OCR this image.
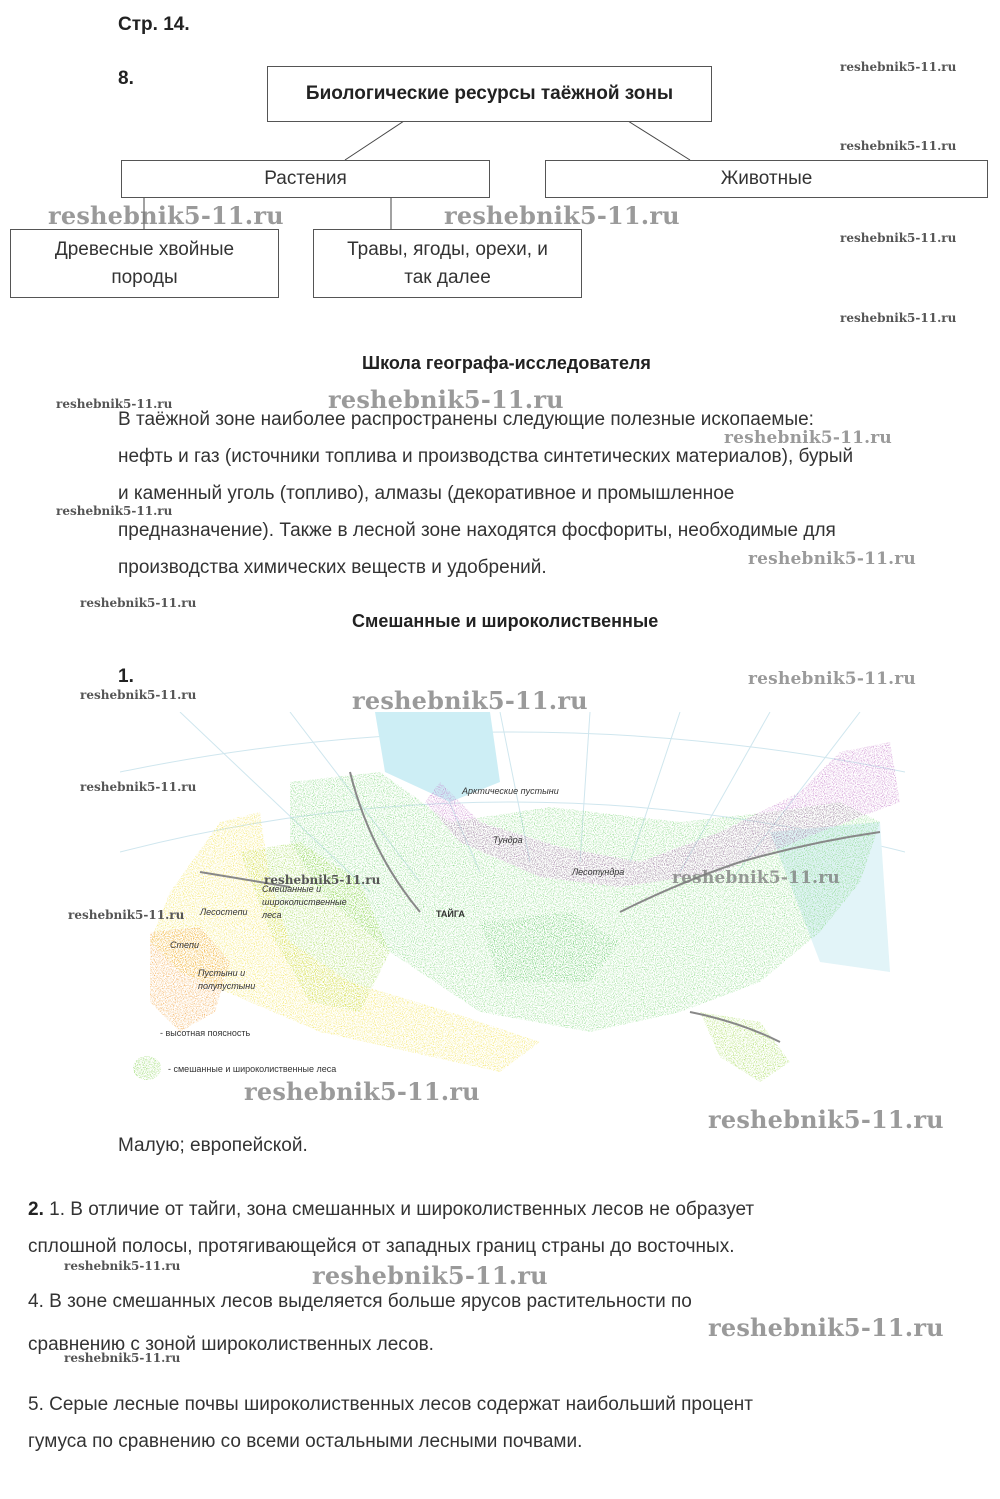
Стр. 14.
8.
Биологические ресурсы таёжной зоны
Растения	Животные
Древесные хвойные
породы
Травы, ягоды, орехи, и
так далее
Школа географа-исследователя
В таёжной зоне наиболее распространены следующие полезные ископаемые:
нефть и газ (источники топлива и производства синтетических материалов), бурый
и каменный уголь (топливо), алмазы (декоративное и промышленное
предназначение). Также в лесной зоне находятся фосфориты, необходимые для
производства химических веществ и удобрений.
Смешанные и широколиственные
1.
Арктические пустыни
Тундра
Лесотундра
ТАЙГА
Смешанные и
широколиственные
леса
Лесостепи
Степи
Пустыни и
полупустыни
- высотная поясность
- смешанные и широколиственные леса
Малую; европейской.
2. 1. В отличие от тайги, зона смешанных и широколиственных лесов не образует
сплошной полосы, протягивающейся от западных границ страны до восточных.
4. В зоне смешанных лесов выделяется больше ярусов растительности по
сравнению с зоной широколиственных лесов.
5. Серые лесные почвы широколиственных лесов содержат наибольший процент
гумуса по сравнению со всеми остальными лесными почвами.
reshebnik5-11.ru
reshebnik5-11.ru
reshebnik5-11.ru
reshebnik5-11.ru
reshebnik5-11.ru	reshebnik5-11.ru
reshebnik5-11.ru
reshebnik5-11.ru
reshebnik5-11.ru
reshebnik5-11.ru
reshebnik5-11.ru
reshebnik5-11.ru
reshebnik5-11.ru
reshebnik5-11.ru	reshebnik5-11.ru
reshebnik5-11.ru
reshebnik5-11.ru
reshebnik5-11.ru
reshebnik5-11.ru
reshebnik5-11.ru
reshebnik5-11.ru
reshebnik5-11.ru	reshebnik5-11.ru
reshebnik5-11.ru
reshebnik5-11.ru
